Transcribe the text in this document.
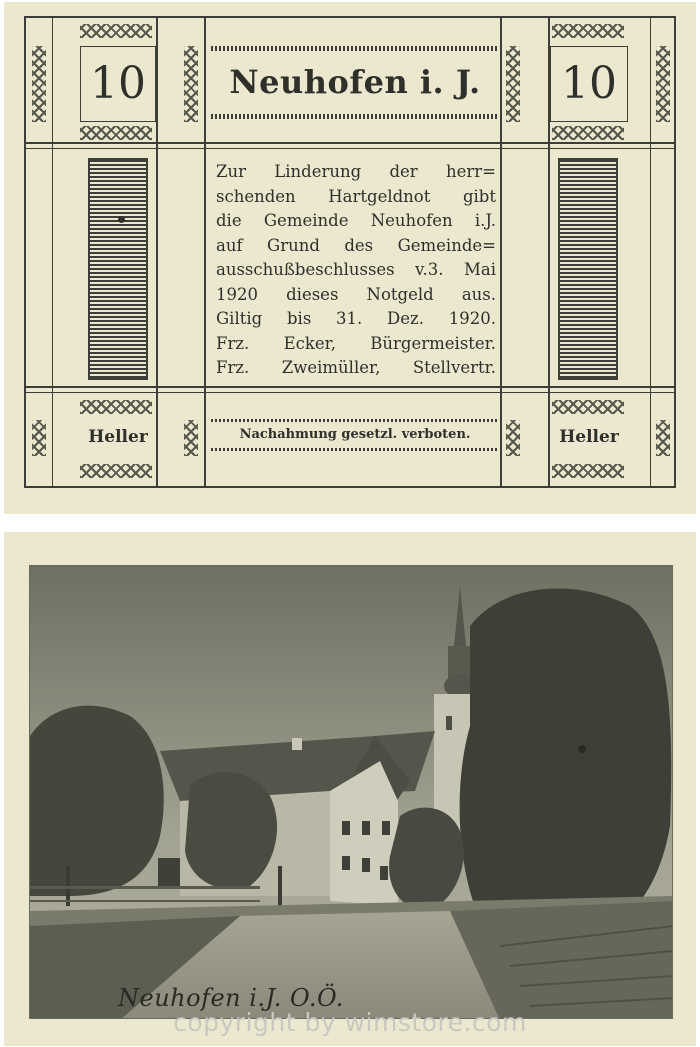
10	10
Neuhofen i. J.
Zur Linderung der herr=
schenden Hartgeldnot gibt
die Gemeinde Neuhofen i.J.
auf Grund des Gemeinde=
ausschußbeschlusses v.3. Mai
1920 dieses Notgeld aus.
Giltig bis 31. Dez. 1920.
Frz. Ecker, Bürgermeister.
Frz. Zweimüller, Stellvertr.
Heller	Heller
Nachahmung gesetzl. verboten.
Neuhofen i.J. O.Ö.
copyright by wimstore.com
